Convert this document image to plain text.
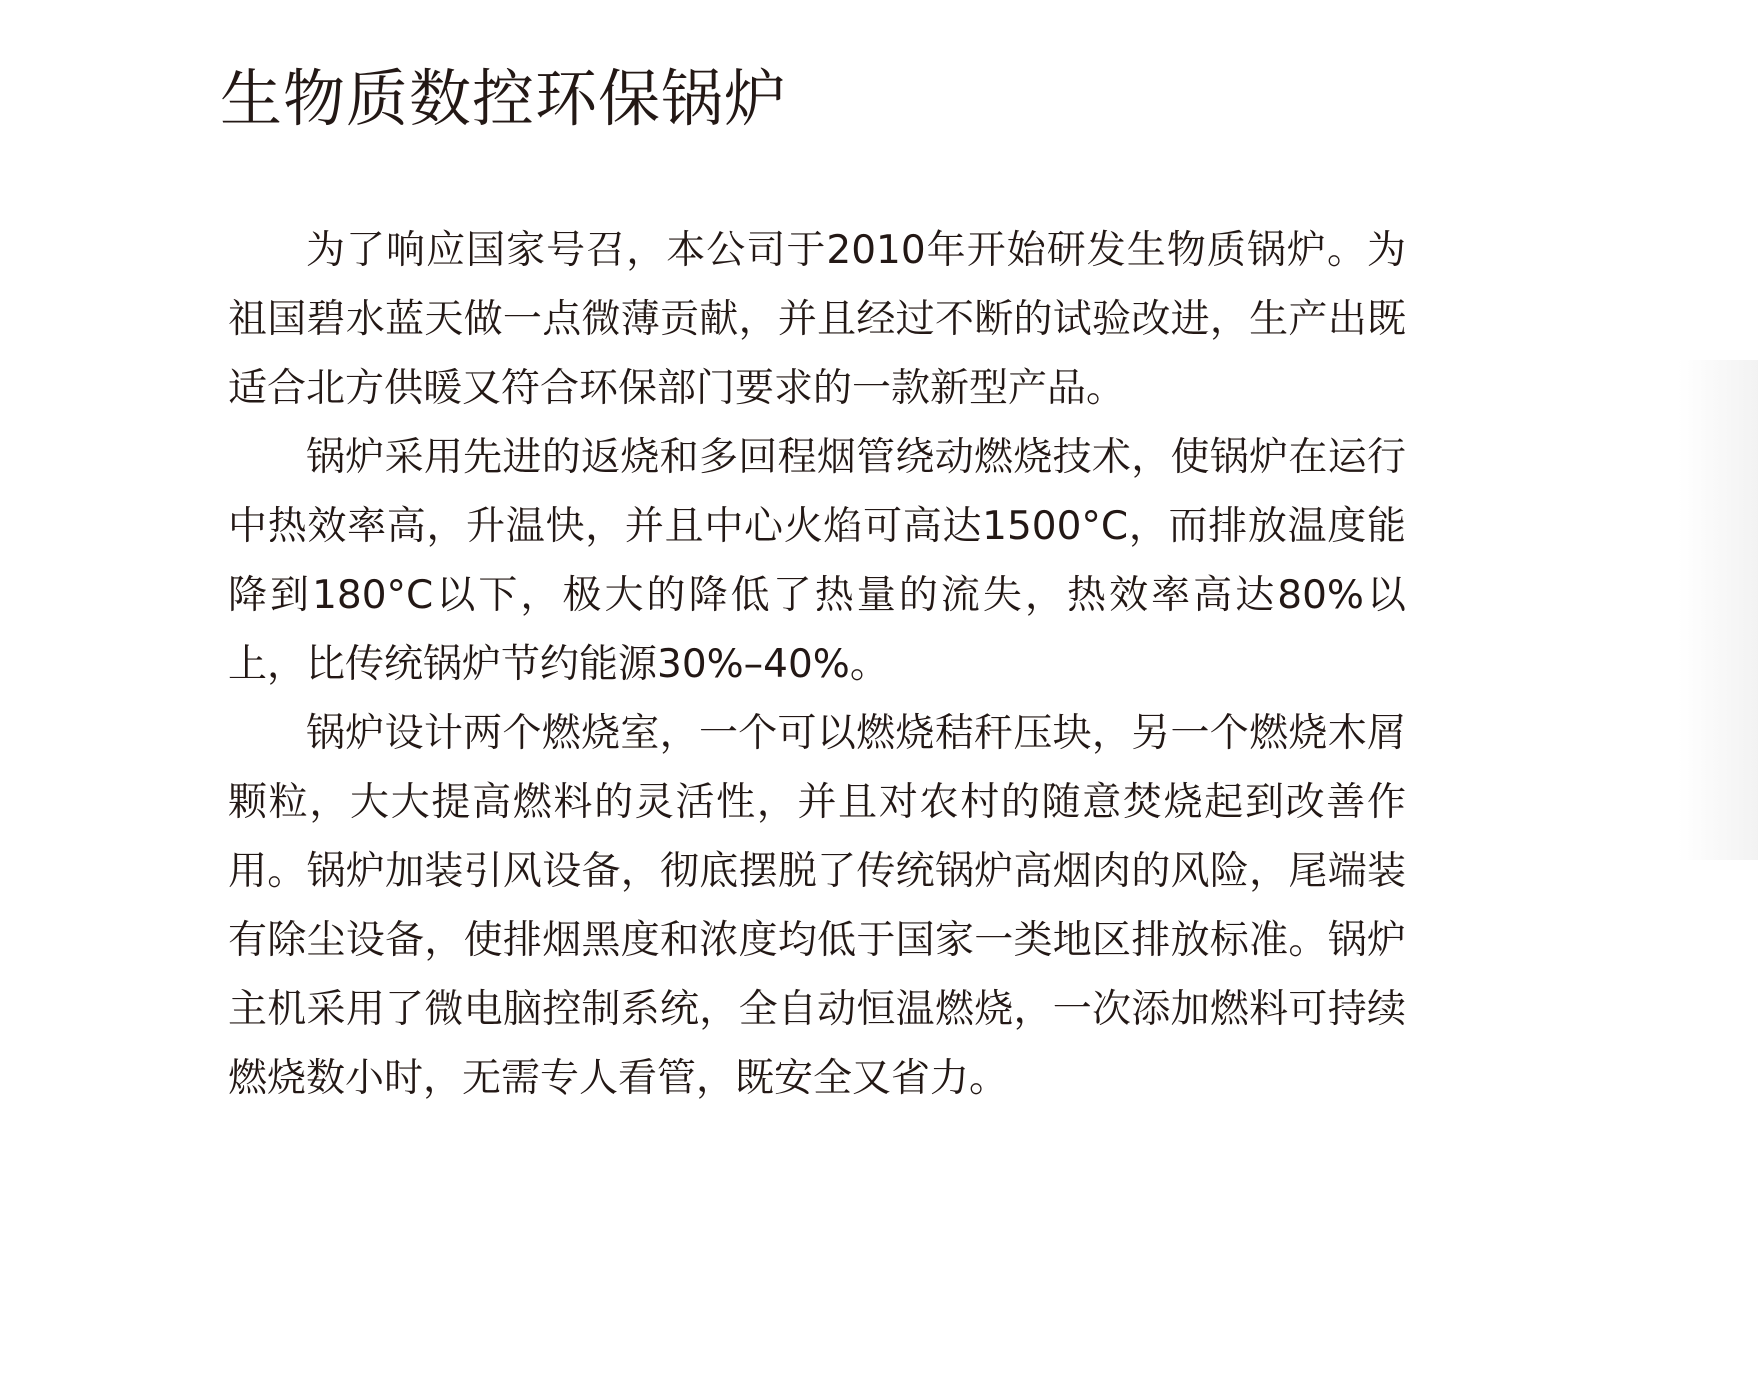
生物质数控环保锅炉

为了响应国家号召，本公司于2010年开始研发生物质锅炉。为祖国碧水蓝天做一点微薄贡献，并且经过不断的试验改进，生产出既适合北方供暖又符合环保部门要求的一款新型产品。

锅炉采用先进的返烧和多回程烟管绕动燃烧技术，使锅炉在运行中热效率高，升温快，并且中心火焰可高达1500°C，而排放温度能降到180°C以下，极大的降低了热量的流失，热效率高达80%以上，比传统锅炉节约能源30%–40%。

锅炉设计两个燃烧室，一个可以燃烧秸秆压块，另一个燃烧木屑颗粒，大大提高燃料的灵活性，并且对农村的随意焚烧起到改善作用。锅炉加装引风设备，彻底摆脱了传统锅炉高烟肉的风险，尾端装有除尘设备，使排烟黑度和浓度均低于国家一类地区排放标准。锅炉主机采用了微电脑控制系统，全自动恒温燃烧，一次添加燃料可持续燃烧数小时，无需专人看管，既安全又省力。
